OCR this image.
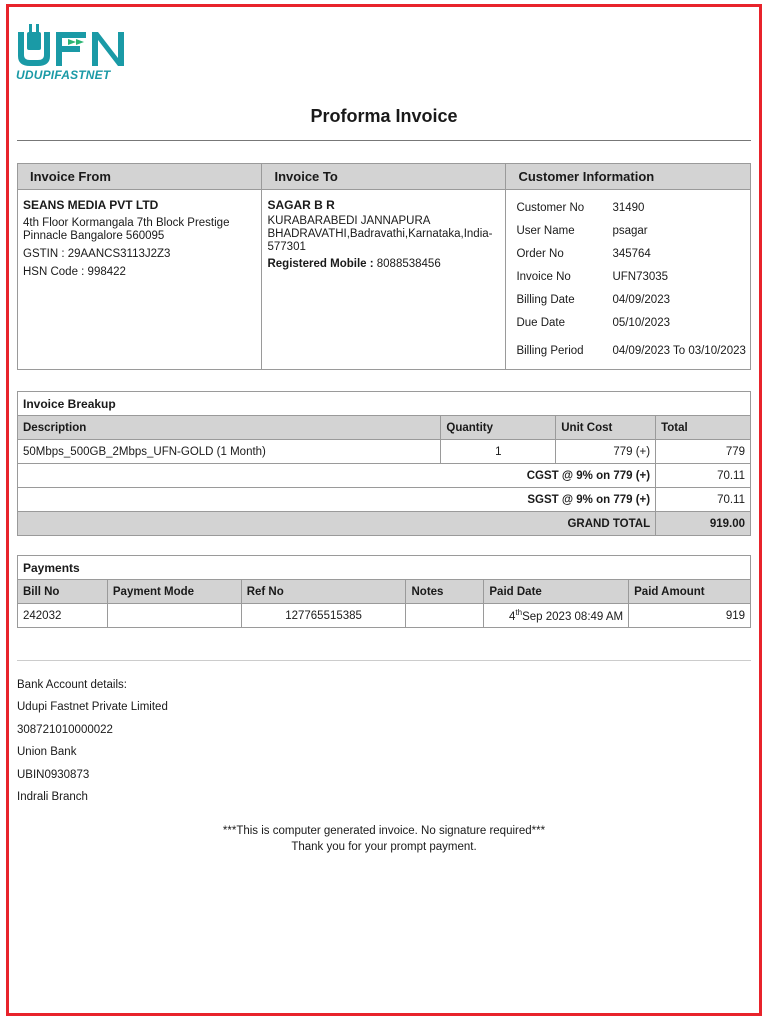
UDUPIFASTNET
Proforma Invoice
Invoice From	Invoice To	Customer Information

SEANS MEDIA PVT LTD
4th Floor Kormangala 7th Block Prestige Pinnacle Bangalore 560095
GSTIN : 29AANCS3113J2Z3
HSN Code : 998422

SAGAR B R
KURABARABEDI JANNAPURA BHADRAVATHI,Badravathi,Karnataka,India-577301
Registered Mobile : 8088538456

Customer No	31490
User Name	psagar
Order No	345764
Invoice No	UFN73035
Billing Date	04/09/2023
Due Date	05/10/2023
Billing Period	04/09/2023 To 03/10/2023
Invoice Breakup			
Description	Quantity	Unit Cost	Total
50Mbps_500GB_2Mbps_UFN-GOLD (1 Month)	1	779 (+)	779
CGST @ 9% on 779 (+)			70.11
SGST @ 9% on 779 (+)			70.11
GRAND TOTAL			919.00
Payments					
Bill No	Payment Mode	Ref No	Notes	Paid Date	Paid Amount
242032		127765515385		4thSep 2023 08:49 AM	919
Bank Account details:
Udupi Fastnet Private Limited
308721010000022
Union Bank
UBIN0930873
Indrali Branch
***This is computer generated invoice. No signature required***
Thank you for your prompt payment.
